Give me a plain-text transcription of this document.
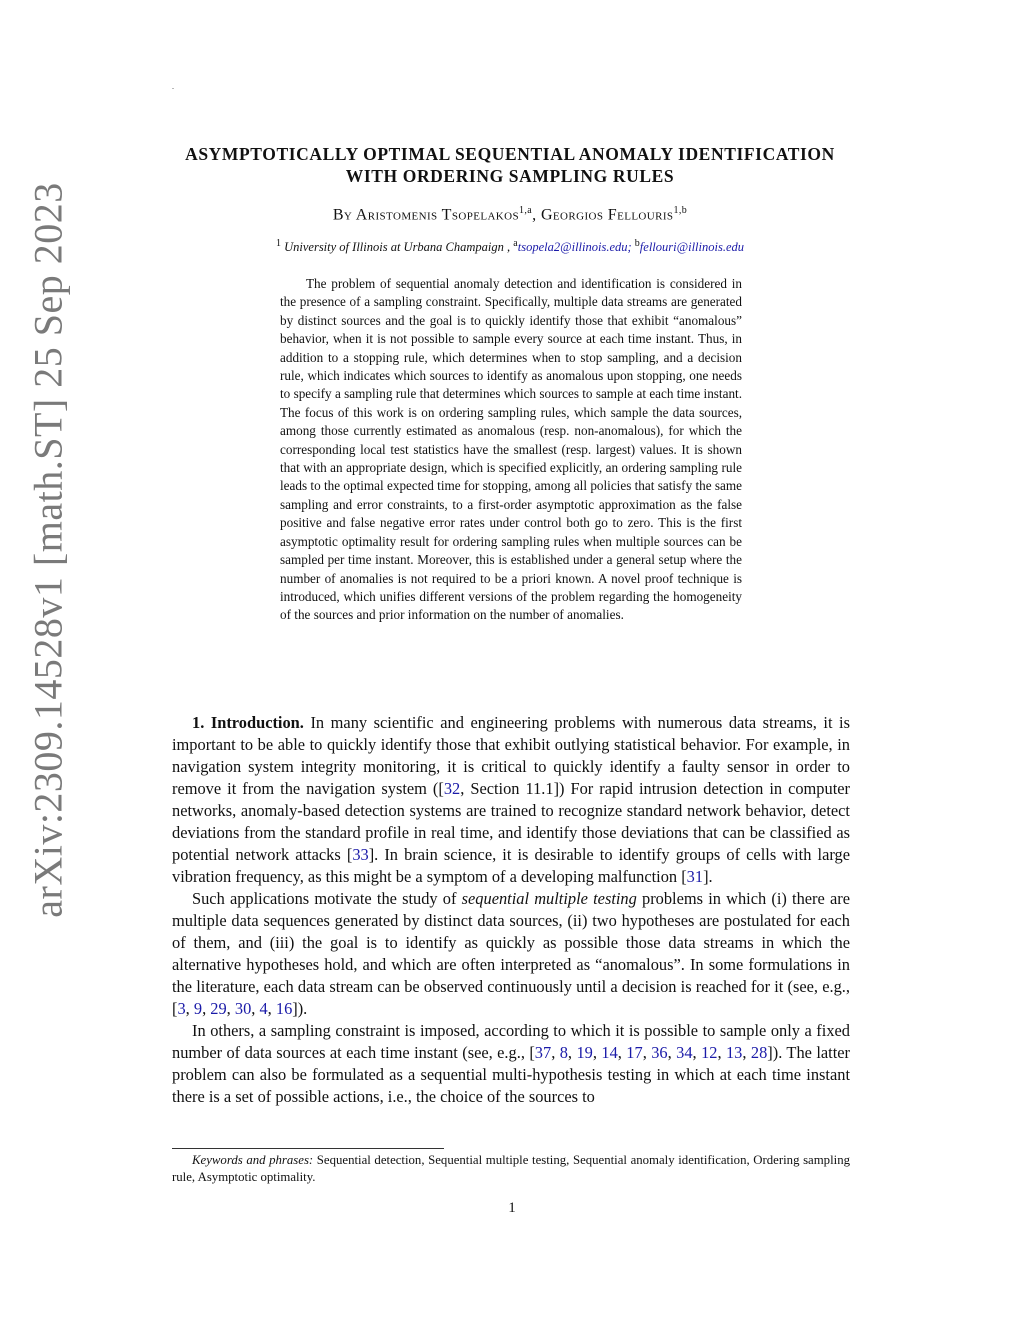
arXiv:2309.14528v1 [math.ST] 25 Sep 2023
.
ASYMPTOTICALLY OPTIMAL SEQUENTIAL ANOMALY IDENTIFICATION
WITH ORDERING SAMPLING RULES
By Aristomenis Tsopelakos$^{1,a}$, Georgios Fellouris$^{1,b}$
$^1$ University of Illinois at Urbana Champaign , $^a$tsopela2@illinois.edu; $^b$fellouri@illinois.edu
The problem of sequential anomaly detection and identification is considered in the presence of a sampling constraint. Specifically, multiple data streams are generated by distinct sources and the goal is to quickly identify those that exhibit “anomalous” behavior, when it is not possible to sample every source at each time instant. Thus, in addition to a stopping rule, which determines when to stop sampling, and a decision rule, which indicates which sources to identify as anomalous upon stopping, one needs to specify a sampling rule that determines which sources to sample at each time instant. The focus of this work is on ordering sampling rules, which sample the data sources, among those currently estimated as anomalous (resp. non-anomalous), for which the corresponding local test statistics have the smallest (resp. largest) values. It is shown that with an appropriate design, which is specified explicitly, an ordering sampling rule leads to the optimal expected time for stopping, among all policies that satisfy the same sampling and error constraints, to a first-order asymptotic approximation as the false positive and false negative error rates under control both go to zero. This is the first asymptotic optimality result for ordering sampling rules when multiple sources can be sampled per time instant. Moreover, this is established under a general setup where the number of anomalies is not required to be a priori known. A novel proof technique is introduced, which unifies different versions of the problem regarding the homogeneity of the sources and prior information on the number of anomalies.

1. Introduction. In many scientific and engineering problems with numerous data streams, it is important to be able to quickly identify those that exhibit outlying statistical behavior. For example, in navigation system integrity monitoring, it is critical to quickly identify a faulty sensor in order to remove it from the navigation system ([32, Section 11.1]) For rapid intrusion detection in computer networks, anomaly-based detection systems are trained to recognize standard network behavior, detect deviations from the standard profile in real time, and identify those deviations that can be classified as potential network attacks [33]. In brain science, it is desirable to identify groups of cells with large vibration frequency, as this might be a symptom of a developing malfunction [31].

Such applications motivate the study of sequential multiple testing problems in which (i) there are multiple data sequences generated by distinct data sources, (ii) two hypotheses are postulated for each of them, and (iii) the goal is to identify as quickly as possible those data streams in which the alternative hypotheses hold, and which are often interpreted as “anomalous”. In some formulations in the literature, each data stream can be observed continuously until a decision is reached for it (see, e.g., [3, 9, 29, 30, 4, 16]).

In others, a sampling constraint is imposed, according to which it is possible to sample only a fixed number of data sources at each time instant (see, e.g., [37, 8, 19, 14, 17, 36, 34, 12, 13, 28]). The latter problem can also be formulated as a sequential multi-hypothesis testing in which at each time instant there is a set of possible actions, i.e., the choice of the sources to

Keywords and phrases: Sequential detection, Sequential multiple testing, Sequential anomaly identification, Ordering sampling rule, Asymptotic optimality.

1
